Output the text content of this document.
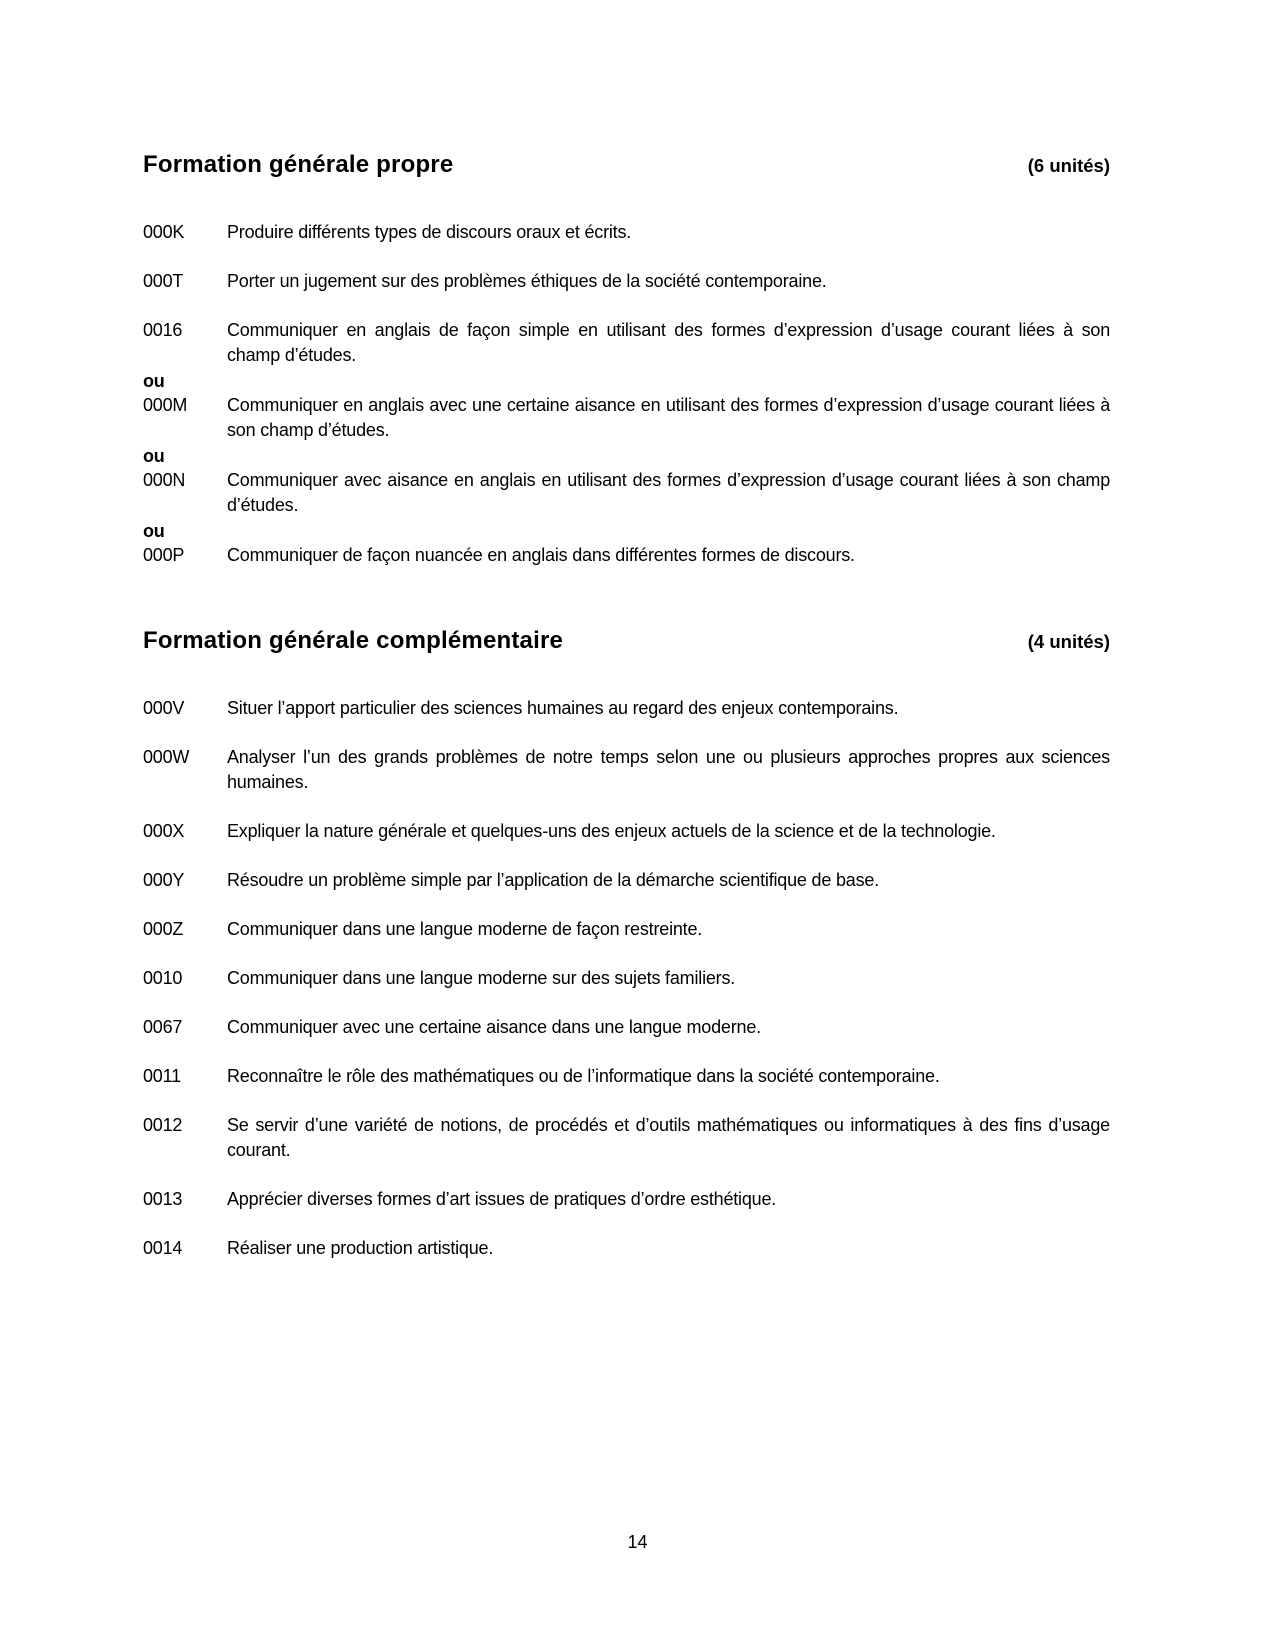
Formation générale propre	(6 unités)
000K	Produire différents types de discours oraux et écrits.
000T	Porter un jugement sur des problèmes éthiques de la société contemporaine.
0016	Communiquer en anglais de façon simple en utilisant des formes d’expression d’usage courant liées à son champ d’études.
ou
000M	Communiquer en anglais avec une certaine aisance en utilisant des formes d’expression d’usage courant liées à son champ d’études.
ou
000N	Communiquer avec aisance en anglais en utilisant des formes d’expression d’usage courant liées à son champ d’études.
ou
000P	Communiquer de façon nuancée en anglais dans différentes formes de discours.
Formation générale complémentaire	(4 unités)
000V	Situer l’apport particulier des sciences humaines au regard des enjeux contemporains.
000W	Analyser l’un des grands problèmes de notre temps selon une ou plusieurs approches propres aux sciences humaines.
000X	Expliquer la nature générale et quelques-uns des enjeux actuels de la science et de la technologie.
000Y	Résoudre un problème simple par l’application de la démarche scientifique de base.
000Z	Communiquer dans une langue moderne de façon restreinte.
0010	Communiquer dans une langue moderne sur des sujets familiers.
0067	Communiquer avec une certaine aisance dans une langue moderne.
0011	Reconnaître le rôle des mathématiques ou de l’informatique dans la société contemporaine.
0012	Se servir d’une variété de notions, de procédés et d’outils mathématiques ou informatiques à des fins d’usage courant.
0013	Apprécier diverses formes d’art issues de pratiques d’ordre esthétique.
0014	Réaliser une production artistique.
14
